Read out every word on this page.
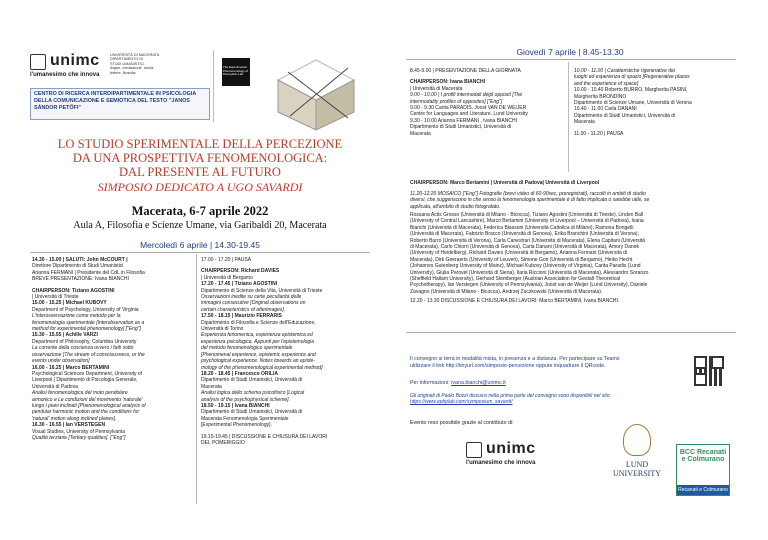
unimc
l'umanesimo che innova
UNIVERSITÀ DI MACERATA
DIPARTIMENTO DI
STUDI UMANISTICI
lingue, mediazione, storia,
lettere, filosofia
The Experimental Phenomenology of Perception Lab
CENTRO DI RICERCA INTERDIPARTIMENTALE IN PSICOLOGIA DELLA COMUNICAZIONE E SEMIOTICA DEL TESTO "JANOS SÁNDOR PETŐFI"
LO STUDIO SPERIMENTALE DELLA PERCEZIONE
DA UNA PROSPETTIVA FENOMENOLOGICA:
DAL PRESENTE AL FUTURO
SIMPOSIO DEDICATO A UGO SAVARDI
Macerata, 6-7 aprile 2022
Aula A, Filosofia e Scienze Umane, via Garibaldi 20, Macerata
Mercoledì 6 aprile | 14.30-19.45
14.30 - 15.00 | SALUTI: John McCOURT |
Direttore Dipartimento di Studi Umanistici
Arianna FERMANI | Presidente del CdL in Filosofia
BREVE PRESENTAZIONE: Ivana BIANCHI
CHAIRPERSON: Tiziano AGOSTINI
| Università di Trieste
15.00 - 15.25 | Michael KUBOVY
Department of Psychology, University of Virginia
L'interosservazione come metodo per la
fenomenologia sperimentale [Interobservation as a
method for experimental phenomenology] ["Eng"]
15.30 - 15.55 | Achille VARZI
Department of Philosophy, Columbia University
La corrente della coscienza ovvero i fatti sotto
osservazione [The stream of consciousness, or the
events under observation]
16.00 - 16.25 | Marco BERTAMINI
Psychological Sciences Department, University of
Liverpool | Dipartimento di Psicologia Generale,
Università di Padova
Analisi fenomenologica del moto pendolare
armonico e Le condizioni del movimento 'naturale'
lungo i piani inclinati [Phenomenological analysis of
pendular harmonic motion and the conditions for
'natural' motion along inclined planes].
16.30 - 16.55 | Ian VERSTEGEN
Visual Studies, University of Pennsylvania
Qualità terziarie [Tertiary qualities]. ["Eng"]
17.00 - 17.20 | PAUSA
CHAIRPERSON: Richard DAVIES
| Università di Bergamo
17.20 - 17.45 | Tiziano AGOSTINI
Dipartimento di Scienze della Vita, Università di Trieste
Osservazioni inedite su certe peculiarità delle
immagini consecutive [Original observations on
certain characteristics of afterimages].
17.50 - 18.15 | Maurizio FERRARIS
Dipartimento di Filosofia e Scienze dell'Educazione,
Università di Torino
Esperienza fenomenica, esperienza epistemica ed
esperienza psicologica. Appunti per l'epistemologia
del metodo fenomenologico sperimentale
[Phenomenal experience, epistemic experience and
psychological experience. Notes towards an episte-
mology of the phenomenological experimental method]
18.20 - 18.45 | Francesco ORILIA
Dipartimento di Studi Umanistici, Università di
Macerata
Analisi logica dello schema psicofisico [Logical
analysis of the psychophysical scheme].
18.50 - 19.15 | Ivana BIANCHI
Dipartimento di Studi Umanistici, Università di
Macerata Fenomenologia Sperimentale
[Experimental Phenomenology].
19.15-19.45 | DISCUSSIONE E CHIUSURA DEI LAVORI
DEL POMERIGGIO
Giovedì 7 aprile | 8.45-13.30
8.45-9.00 | PRESENTAZIONE DELLA GIORNATA
CHAIRPERSON: Ivana BIANCHI
| Università di Macerata
9.00 - 10.00 | I profili intermodali degli opposti [The
intermodality profiles of opposites] ["Eng"]
9.00 - 9.30 Carita PARADIS, Joost VAN DE WEIJER
Centre for Languages and Literature, Lund University
9.30 - 10.00 Arianna FERMANI , Ivana BIANCHI
Dipartimento di Studi Umanistici, Università di
Macerata
10.00 - 11.00 | Caratteristiche rigenerative dei
luoghi ed esperienza di spazio [Regenerative places
and the experience of space]
10.00 - 10.40 Roberto BURRO, Margherita PASINI,
Margherita BRONDINO
Dipartimento di Scienze Umane, Università di Verona
10.40 - 11.00 Carla DANANI
Dipartimento di Studi Umanistici, Università di
Macerata
11.00 - 11.20 | PAUSA
CHAIRPERSON: Marco Bertamini | Università di Padova| Università di Liverpool
11.20-12.20 MOSAICO ["Eng"] Fotografie (brevi video di 60-90sec, preregistrati), raccolti in ambiti di studio
diversi, che suggeriscono in che senso la fenomenologia sperimentale è di fatto implicata o sarebbe utile, se
applicata, all'ambito di studio fotografato.
Rossana Actis Grosso (Università di Milano - Bicocca), Tiziano Agostini (Università di Trieste), Linden Ball
(University of Central Lancashire), Marco Bertamini (University of Liverpool – Università di Padova), Ivana
Bianchi (Università di Macerata), Federica Biassoni (Università Cattolica di Milano), Ramona Bongelli
(Università di Macerata), Fabrizio Bracco (Università di Genova), Erika Branchini (Università di Verona),
Roberto Burro (Università di Verona), Carla Canestrari (Università di Macerata), Elena Capitani (Università
di Macerata), Carlo Chiorri (Università di Genova), Carla Danani (Università di Macerata), Amory Danek
(University of Heidelberg), Richard Davies (Università di Bergamo), Arianna Fermani (Università di
Macerata), Dirk Geeraerts (University of Leuven), Simone Gori (Università di Bergamo), Heiko Hecht
(Johannes Gutenberg University of Mainz), Michael Kubovy (University of Virginia), Carita Paradis (Lund
University), Giulia Parovel (Università di Siena), Ilaria Riccioni (Università di Macerata), Alessandro Soranzo
(Sheffield Hallam University), Gerhard Stemberger (Austrian Association for Gestalt Theoretical
Psychotherapy), Ian Verstegen (University of Pennsylvania), Joost van de Weijer (Lund University), Daniele
Zavagno (Università di Milano - Bicocca), Andrzej Zuczkowski (Università di Macerata).
12.20 - 13.30 DISCUSSIONE E CHIUSURA DEI LAVORI: Marco BERTAMINI, Ivana BIANCHI.
Il convegno si terrà in modalità mista, in presenza e a distanza. Per partecipare su Teams
utilizzare il link http://tinyurl.com/simposio-percezione oppure inquadrare il QRcode.
Per informazioni: ivana.bianchi@unimc.it
Gli originali di Paolo Bozzi discussi nella prima parte del convegno sono disponibili nel sito:
https://www.ephplab.com/symposium_savardi/
Evento reso possibile grazie al contributo di:
unimc
l'umanesimo che innova	LUND UNIVERSITY
BCC Recanati e Colmurano
Recanati e Colmurano
